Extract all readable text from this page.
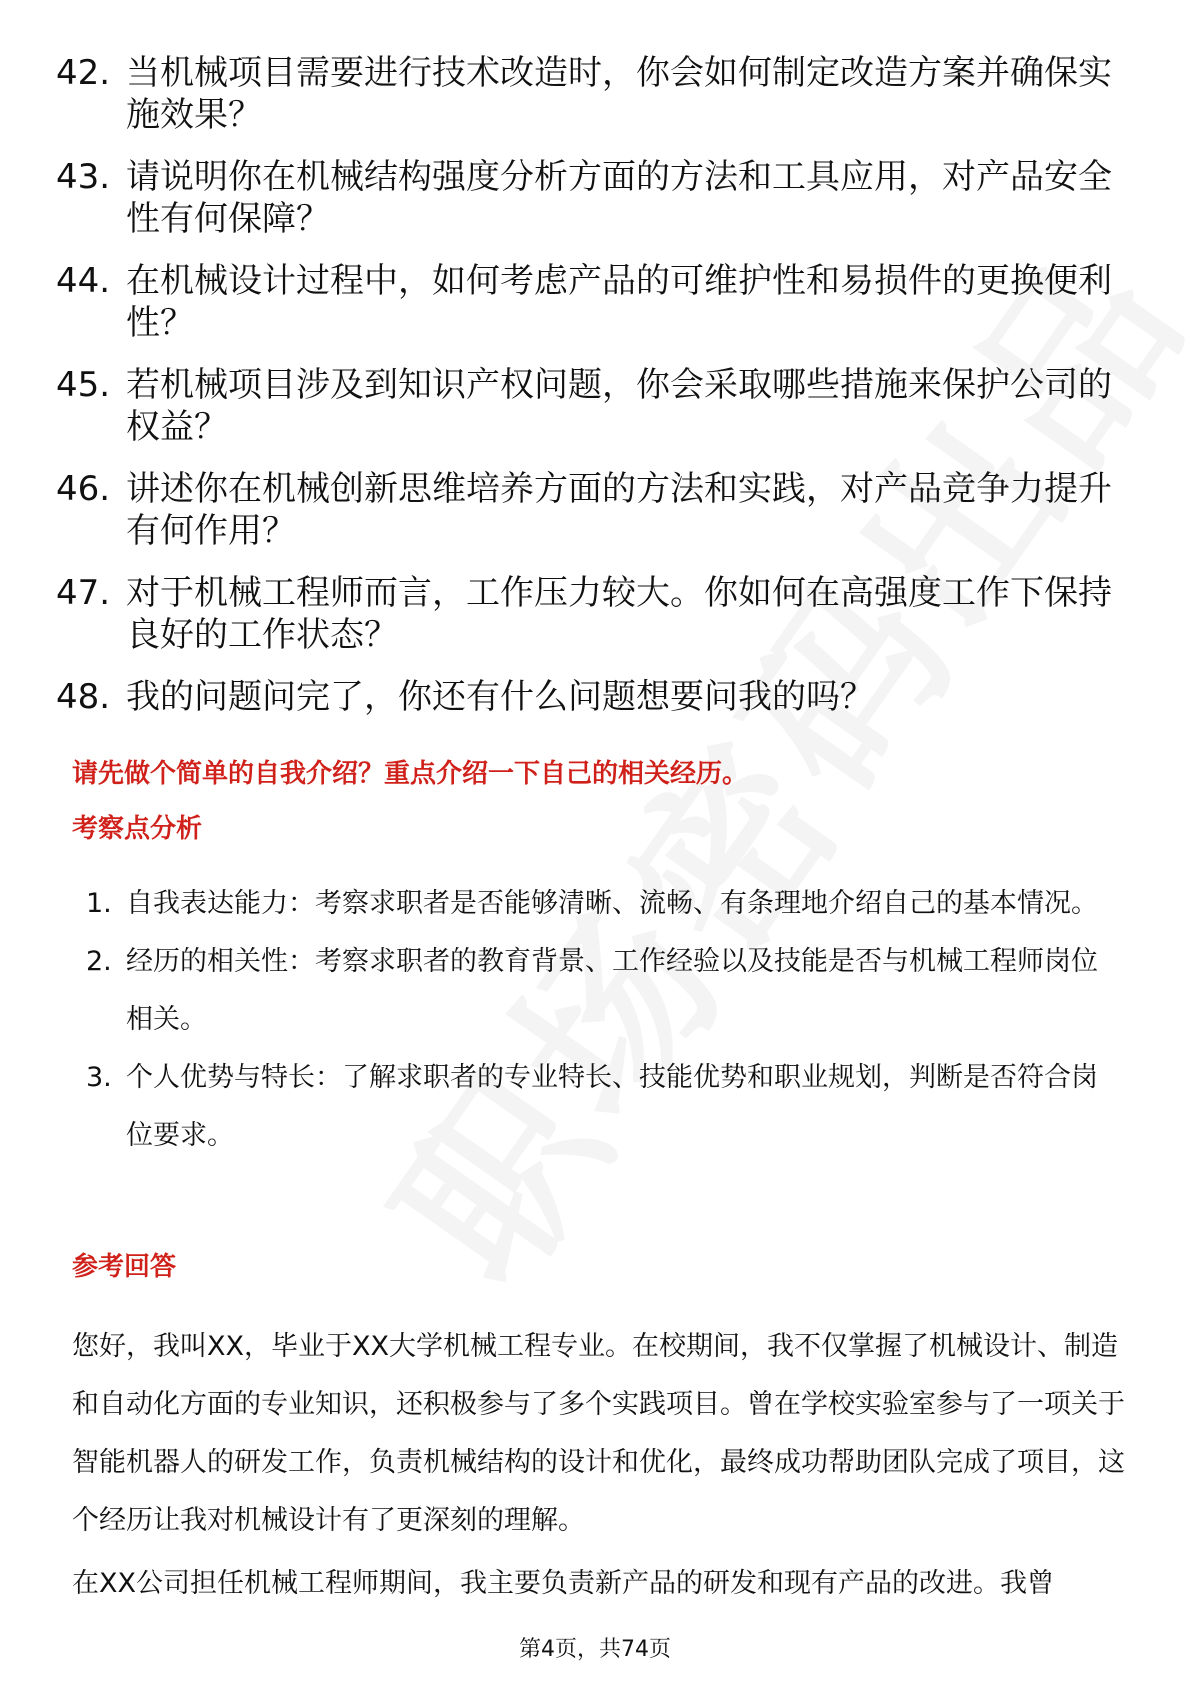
42. 当机械项目需要进行技术改造时，你会如何制定改造方案并确保实施效果？
43. 请说明你在机械结构强度分析方面的方法和工具应用，对产品安全性有何保障？
44. 在机械设计过程中，如何考虑产品的可维护性和易损件的更换便利性？
45. 若机械项目涉及到知识产权问题，你会采取哪些措施来保护公司的权益？
46. 讲述你在机械创新思维培养方面的方法和实践，对产品竞争力提升有何作用？
47. 对于机械工程师而言，工作压力较大。你如何在高强度工作下保持良好的工作状态？
48. 我的问题问完了，你还有什么问题想要问我的吗？
请先做个简单的自我介绍？重点介绍一下自己的相关经历。
考察点分析
1. 自我表达能力：考察求职者是否能够清晰、流畅、有条理地介绍自己的基本情况。
2. 经历的相关性：考察求职者的教育背景、工作经验以及技能是否与机械工程师岗位相关。
3. 个人优势与特长：了解求职者的专业特长、技能优势和职业规划，判断是否符合岗位要求。
参考回答

您好，我叫XX，毕业于XX大学机械工程专业。在校期间，我不仅掌握了机械设计、制造和自动化方面的专业知识，还积极参与了多个实践项目。曾在学校实验室参与了一项关于智能机器人的研发工作，负责机械结构的设计和优化，最终成功帮助团队完成了项目，这个经历让我对机械设计有了更深刻的理解。

在XX公司担任机械工程师期间，我主要负责新产品的研发和现有产品的改进。我曾

第4页，共74页
